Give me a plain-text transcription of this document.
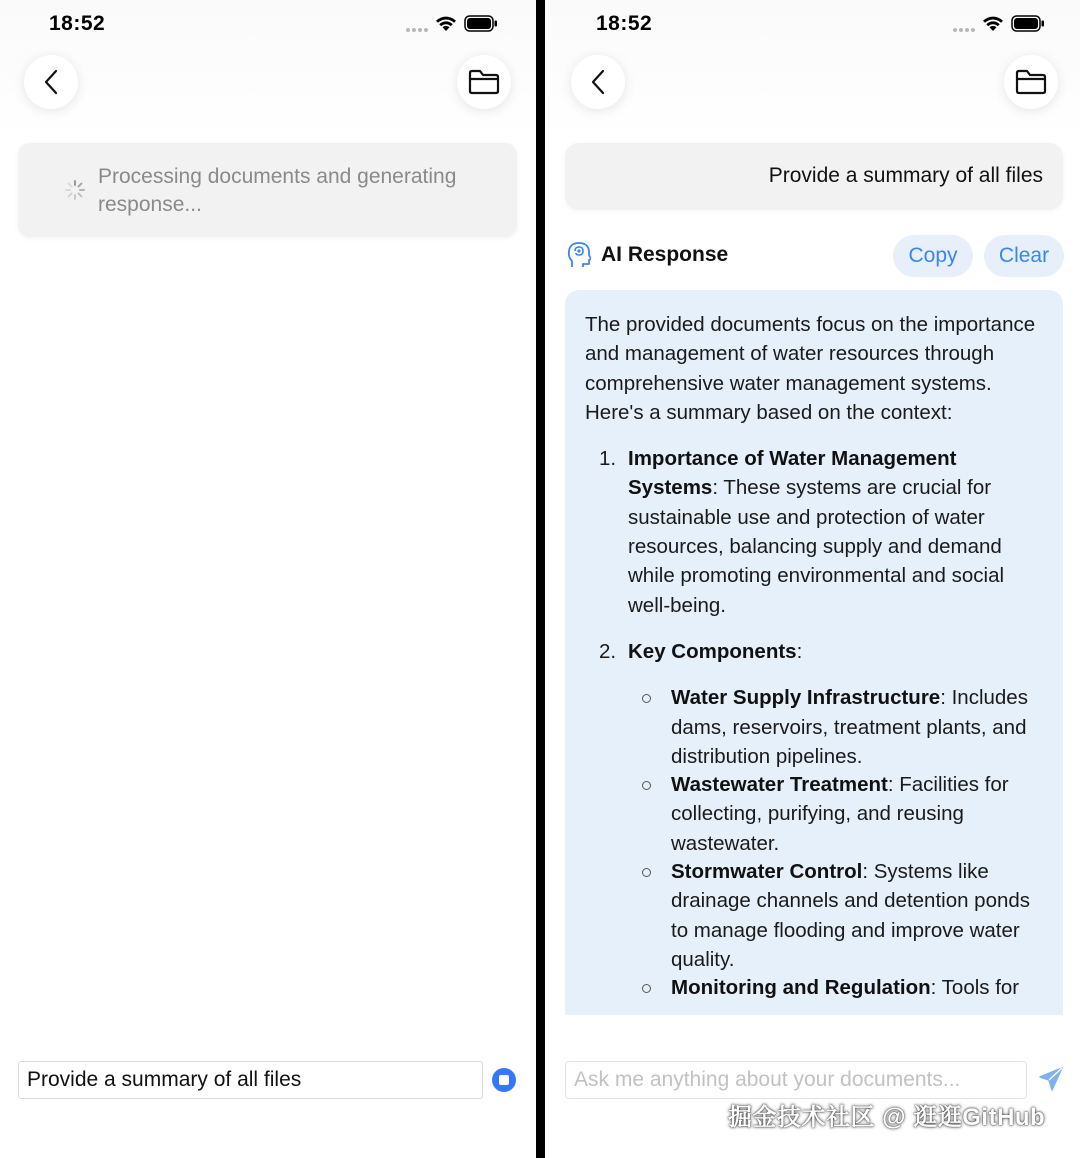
18:52
Processing documents and generating response...
Provide a summary of all files
18:52
Provide a summary of all files
AI Response	Copy	Clear

The provided documents focus on the importance and management of water resources through comprehensive water management systems. Here's a summary based on the context:

1. Importance of Water Management Systems: These systems are crucial for sustainable use and protection of water resources, balancing supply and demand while promoting environmental and social well-being.
2. Key Components:
Water Supply Infrastructure: Includes dams, reservoirs, treatment plants, and distribution pipelines.
Wastewater Treatment: Facilities for collecting, purifying, and reusing wastewater.
Stormwater Control: Systems like drainage channels and detention ponds to manage flooding and improve water quality.
Monitoring and Regulation: Tools for
Ask me anything about your documents...
掘金技术社区 @ 逛逛GitHub
